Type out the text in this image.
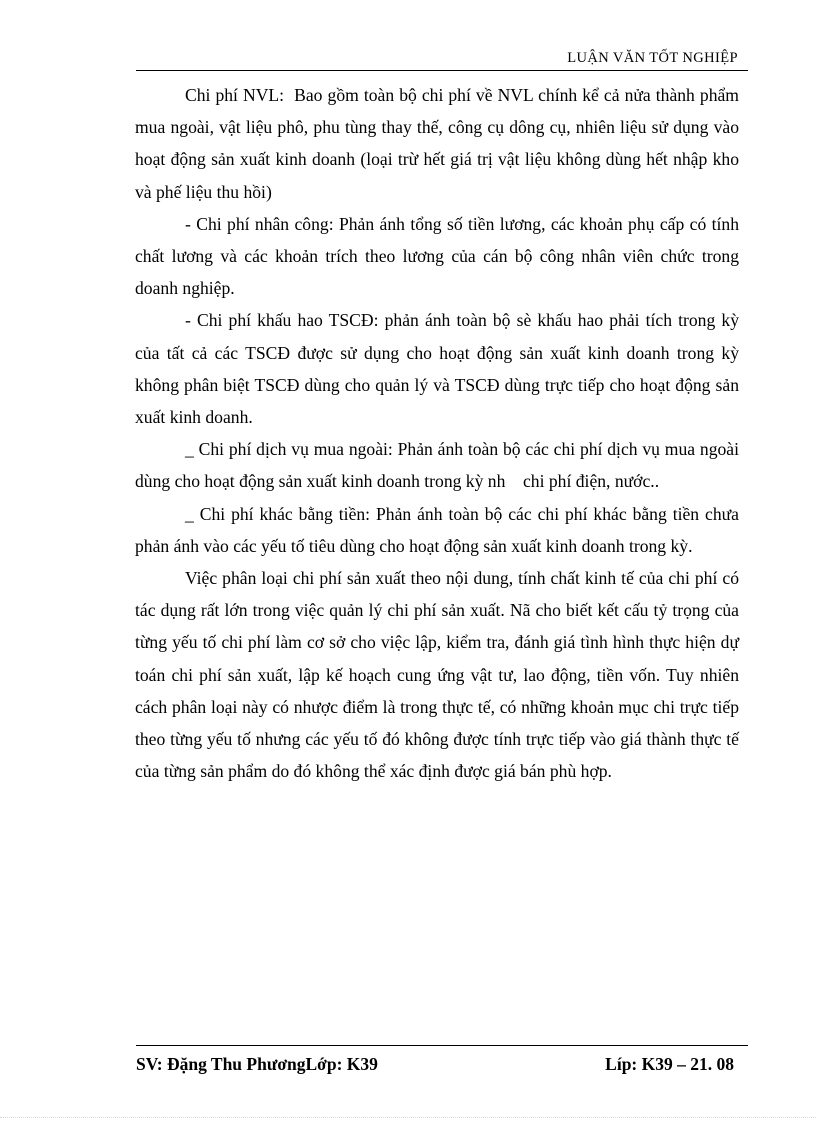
LUẬN VĂN TỐT NGHIỆP

Chi phí NVL:  Bao gồm toàn bộ chi phí về NVL chính kể cả nửa thành phẩm mua ngoài, vật liệu phô, phu tùng thay thế, công cụ dông cụ, nhiên liệu sử dụng vào hoạt động sản xuất kinh doanh (loại trừ hết giá trị vật liệu không dùng hết nhập kho và phế liệu thu hồi)

- Chi phí nhân công: Phản ánh tổng số tiền lương, các khoản phụ cấp có tính chất lương và các khoản trích theo lương của cán bộ công nhân viên chức trong doanh nghiệp.

- Chi phí khấu hao TSCĐ: phản ánh toàn bộ sè khấu hao phải tích trong kỳ của tất cả các TSCĐ được sử dụng cho hoạt động sản xuất kinh doanh trong kỳ không phân biệt TSCĐ dùng cho quản lý và TSCĐ dùng trực tiếp cho hoạt động sản xuất kinh doanh.

_ Chi phí dịch vụ mua ngoài: Phản ánh toàn bộ các chi phí dịch vụ mua ngoài dùng cho hoạt động sản xuất kinh doanh trong kỳ nh    chi phí điện, nước..

_ Chi phí khác bằng tiền: Phản ánh toàn bộ các chi phí khác bằng tiền chưa phản ánh vào các yếu tố tiêu dùng cho hoạt động sản xuất kinh doanh trong kỳ.

Việc phân loại chi phí sản xuất theo nội dung, tính chất kinh tế của chi phí có tác dụng rất lớn trong việc quản lý chi phí sản xuất. Nã cho biết kết cấu tỷ trọng của từng yếu tố chi phí làm cơ sở cho việc lập, kiểm tra, đánh giá tình hình thực hiện dự toán chi phí sản xuất, lập kế hoạch cung ứng vật tư, lao động, tiền vốn. Tuy nhiên cách phân loại này có nhược điểm là trong thực tế, có những khoản mục chi trực tiếp theo từng yếu tố nhưng các yếu tố đó không được tính trực tiếp vào giá thành thực tế của từng sản phẩm do đó không thể xác định được giá bán phù hợp.

SV: Đặng Thu PhươngLớp: K39	Líp: K39 – 21. 08
